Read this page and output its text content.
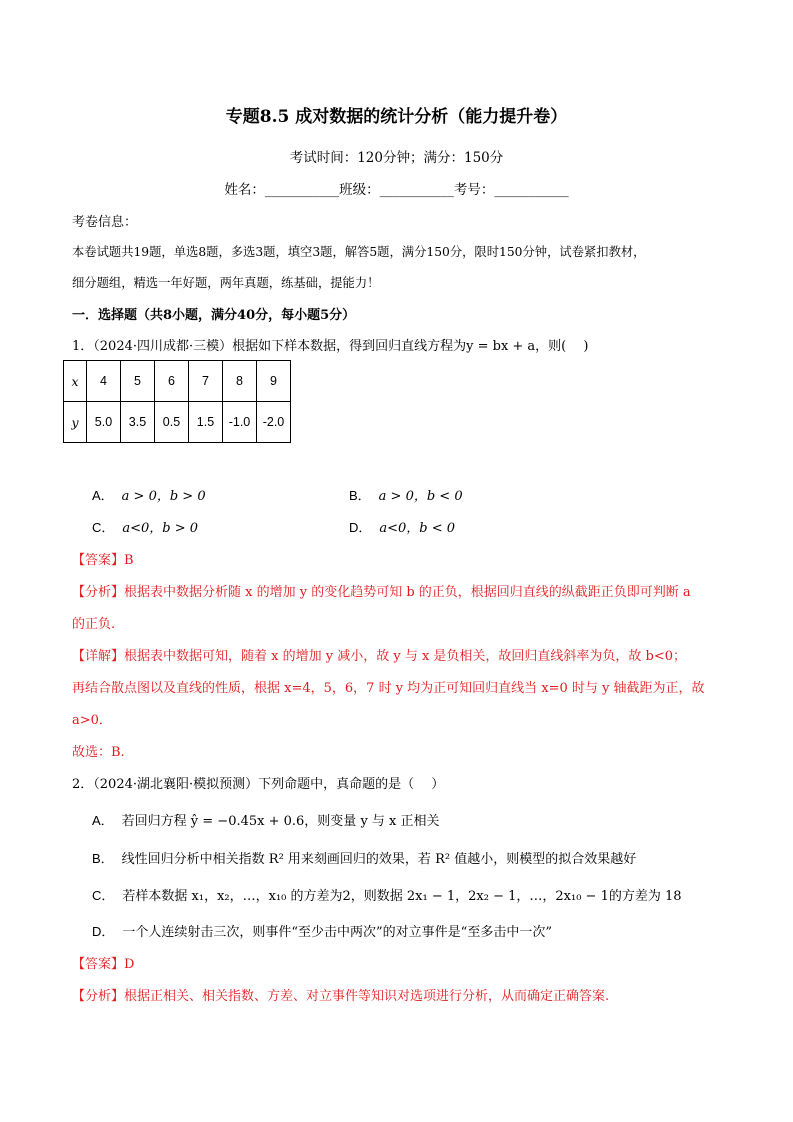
专题8.5 成对数据的统计分析（能力提升卷）
考试时间：120分钟；满分：150分
姓名：___________班级：___________考号：___________
考卷信息：
本卷试题共19题，单选8题，多选3题，填空3题，解答5题，满分150分，限时150分钟，试卷紧扣教材，
细分题组，精选一年好题，两年真题，练基础，提能力！
一．选择题（共8小题，满分40分，每小题5分）
1．（2024·四川成都·三模）根据如下样本数据，得到回归直线方程为y = bx + a，则(　 )
x	4	5	6	7	8	9
y	5.0	3.5	0.5	1.5	-1.0	-2.0
A． a > 0，b > 0	B． a > 0，b < 0
C． a<0，b > 0	D． a<0，b < 0
【答案】B
【分析】根据表中数据分析随 x 的增加 y 的变化趋势可知 b 的正负，根据回归直线的纵截距正负即可判断 a
的正负.
【详解】根据表中数据可知，随着 x 的增加 y 减小，故 y 与 x 是负相关，故回归直线斜率为负，故 b<0；
再结合散点图以及直线的性质，根据 x=4，5，6，7 时 y 均为正可知回归直线当 x=0 时与 y 轴截距为正，故
a>0．
故选：B.
2．（2024·湖北襄阳·模拟预测）下列命题中，真命题的是（　 ）
A． 若回归方程 ŷ = −0.45x + 0.6，则变量 y 与 x 正相关
B． 线性回归分析中相关指数 R² 用来刻画回归的效果，若 R² 值越小，则模型的拟合效果越好
C． 若样本数据 x₁，x₂，…，x₁₀ 的方差为2，则数据 2x₁ − 1，2x₂ − 1，…，2x₁₀ − 1的方差为 18
D． 一个人连续射击三次，则事件“至少击中两次”的对立事件是“至多击中一次”
【答案】D
【分析】根据正相关、相关指数、方差、对立事件等知识对选项进行分析，从而确定正确答案.
